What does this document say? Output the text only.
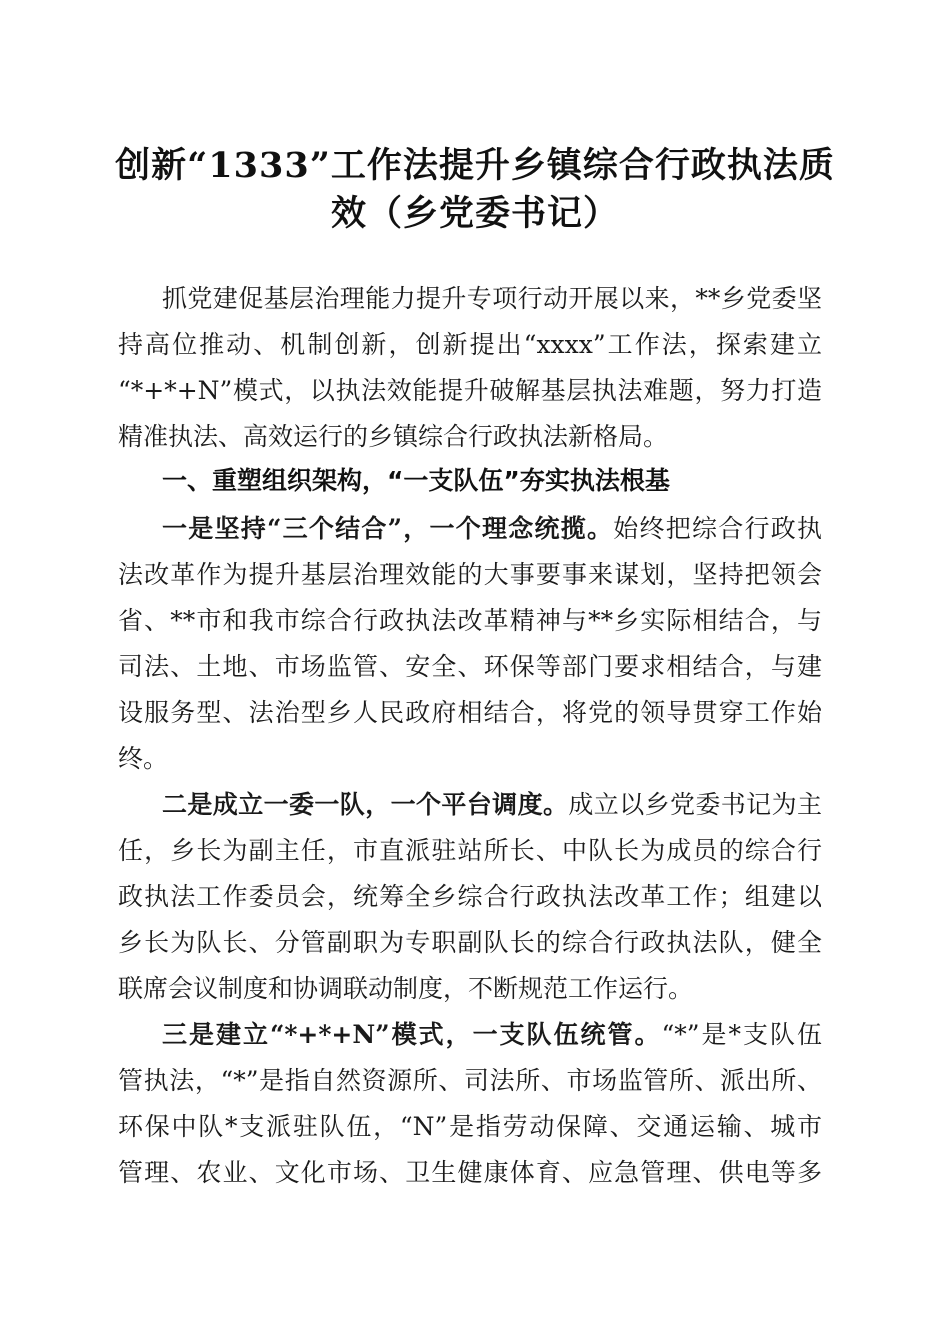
创新“1333”工作法提升乡镇综合行政执法质
效（乡党委书记）
抓党建促基层治理能力提升专项行动开展以来，**乡党委坚
持高位推动、机制创新，创新提出“xxxx”工作法，探索建立
“*+*+N”模式，以执法效能提升破解基层执法难题，努力打造
精准执法、高效运行的乡镇综合行政执法新格局。
一、重塑组织架构，“一支队伍”夯实执法根基
一是坚持“三个结合”，一个理念统揽。始终把综合行政执
法改革作为提升基层治理效能的大事要事来谋划，坚持把领会
省、**市和我市综合行政执法改革精神与**乡实际相结合，与
司法、土地、市场监管、安全、环保等部门要求相结合，与建
设服务型、法治型乡人民政府相结合，将党的领导贯穿工作始
终。
二是成立一委一队，一个平台调度。成立以乡党委书记为主
任，乡长为副主任，市直派驻站所长、中队长为成员的综合行
政执法工作委员会，统筹全乡综合行政执法改革工作；组建以
乡长为队长、分管副职为专职副队长的综合行政执法队，健全
联席会议制度和协调联动制度，不断规范工作运行。
三是建立“*+*+N”模式，一支队伍统管。“*”是*支队伍
管执法，“*”是指自然资源所、司法所、市场监管所、派出所、
环保中队*支派驻队伍，“N”是指劳动保障、交通运输、城市
管理、农业、文化市场、卫生健康体育、应急管理、供电等多
